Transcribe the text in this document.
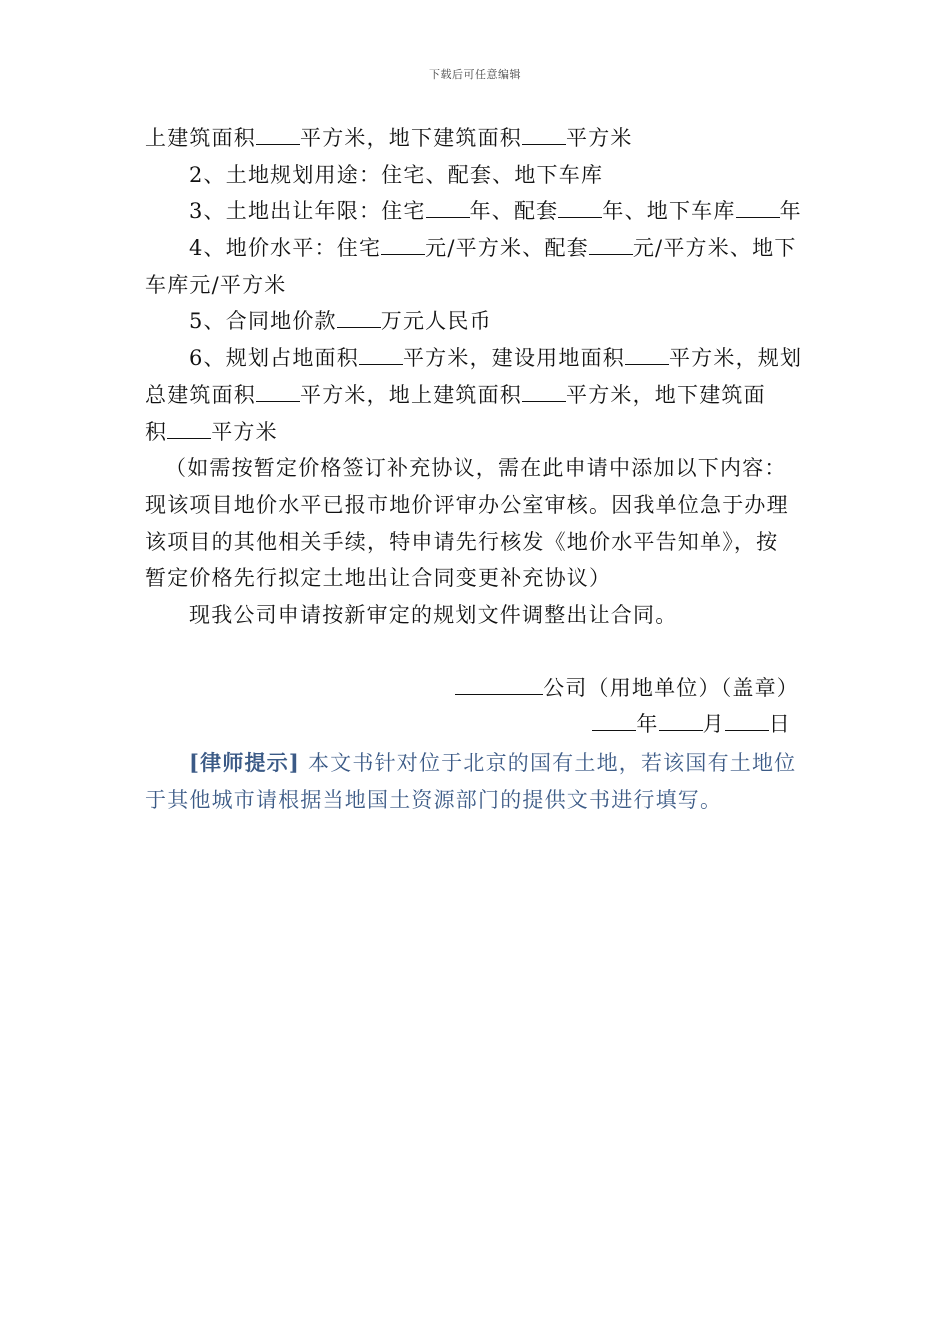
下载后可任意编辑
上建筑面积 平方米，地下建筑面积 平方米
2、土地规划用途：住宅、配套、地下车库
3、土地出让年限：住宅 年、配套 年、地下车库 年
4、地价水平：住宅 元/平方米、配套 元/平方米、地下
车库元/平方米
5、合同地价款 万元人民币
6、规划占地面积 平方米，建设用地面积 平方米，规划
总建筑面积 平方米，地上建筑面积 平方米，地下建筑面
积 平方米
（如需按暂定价格签订补充协议，需在此申请中添加以下内容：
现该项目地价水平已报市地价评审办公室审核。因我单位急于办理
该项目的其他相关手续，特申请先行核发《地价水平告知单》，按
暂定价格先行拟定土地出让合同变更补充协议）
现我公司申请按新审定的规划文件调整出让合同。
公司（用地单位）（盖章）
年 月 日
[律师提示] 本文书针对位于北京的国有土地，若该国有土地位
于其他城市请根据当地国土资源部门的提供文书进行填写。
